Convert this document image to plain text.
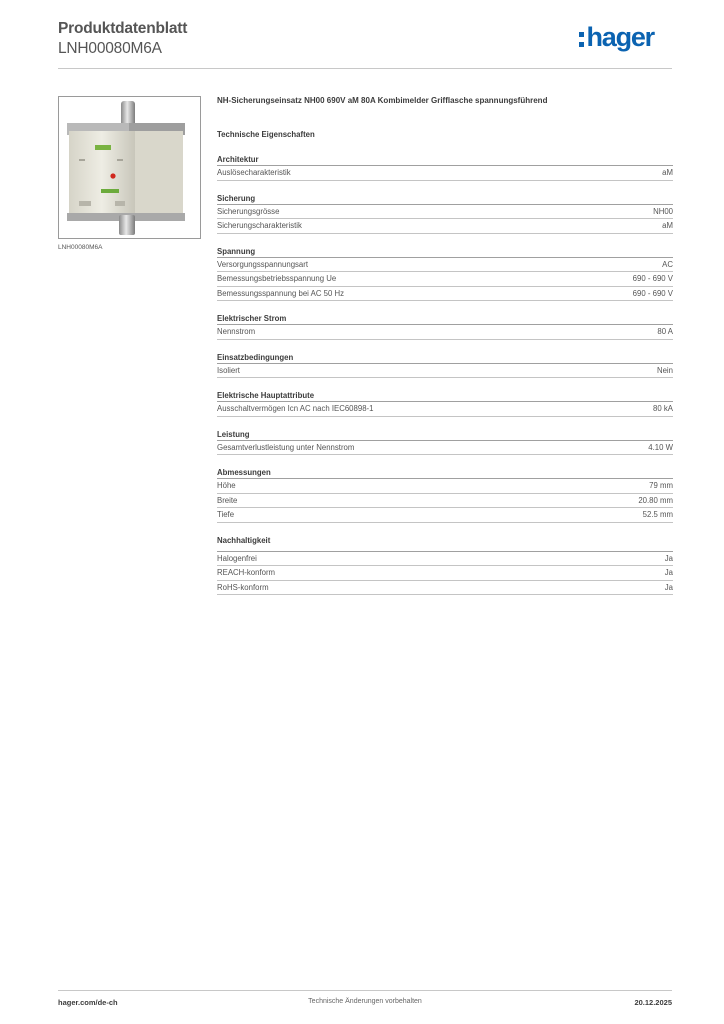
Produktdatenblatt
LNH00080M6A	hager
LNH00080M6A
NH-Sicherungseinsatz NH00 690V aM 80A Kombimelder Grifflasche spannungsführend
Technische Eigenschaften
Architektur
Auslösecharakteristik	aM
Sicherung
Sicherungsgrösse	NH00
Sicherungscharakteristik	aM
Spannung
Versorgungsspannungsart	AC
Bemessungsbetriebsspannung Ue	690 - 690 V
Bemessungsspannung bei AC 50 Hz	690 - 690 V
Elektrischer Strom
Nennstrom	80 A
Einsatzbedingungen
Isoliert	Nein
Elektrische Hauptattribute
Ausschaltvermögen Icn AC nach IEC60898-1	80 kA
Leistung
Gesamtverlustleistung unter Nennstrom	4.10 W
Abmessungen
Höhe	79 mm
Breite	20.80 mm
Tiefe	52.5 mm
Nachhaltigkeit
Halogenfrei	Ja
REACH-konform	Ja
RoHS-konform	Ja
hager.com/de-ch	Technische Änderungen vorbehalten	20.12.2025
